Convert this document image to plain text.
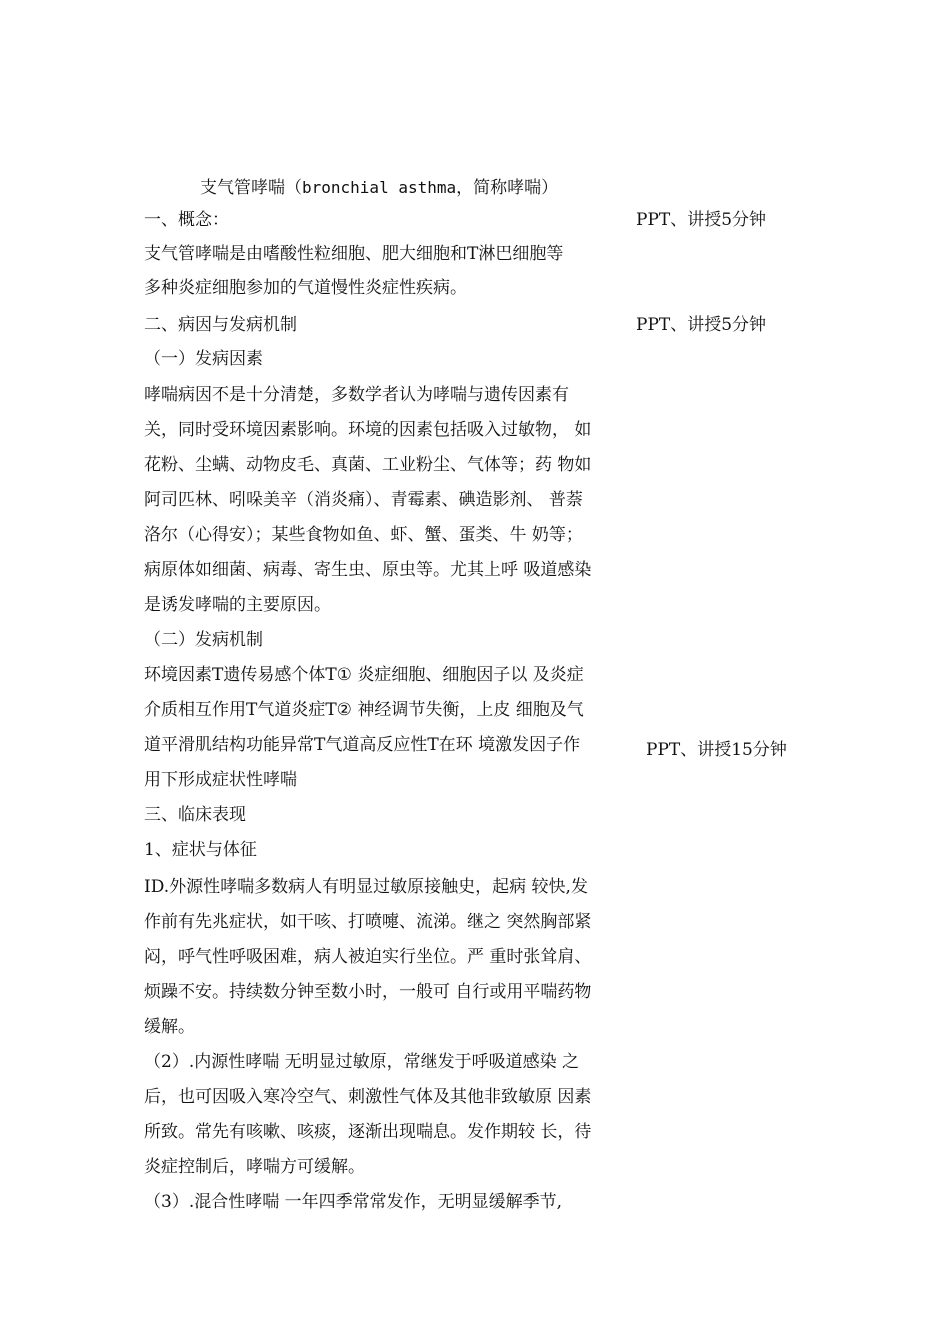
支气管哮喘（bronchial asthma，简称哮喘）
一、概念：
支气管哮喘是由嗜酸性粒细胞、肥大细胞和T淋巴细胞等
多种炎症细胞参加的气道慢性炎症性疾病。
二、病因与发病机制
（一）发病因素
哮喘病因不是十分清楚，多数学者认为哮喘与遗传因素有
关，同时受环境因素影响。环境的因素包括吸入过敏物， 如
花粉、尘螨、动物皮毛、真菌、工业粉尘、气体等；药 物如
阿司匹林、吲哚美辛（消炎痛）、青霉素、碘造影剂、 普萘
洛尔（心得安）；某些食物如鱼、虾、蟹、蛋类、牛 奶等；
病原体如细菌、病毒、寄生虫、原虫等。尤其上呼 吸道感染
是诱发哮喘的主要原因。
（二）发病机制
环境因素T遗传易感个体T① 炎症细胞、细胞因子以 及炎症
介质相互作用T气道炎症T② 神经调节失衡，上皮 细胞及气
道平滑肌结构功能异常T气道高反应性T在环 境激发因子作
用下形成症状性哮喘
三、临床表现
1、症状与体征
ID.外源性哮喘多数病人有明显过敏原接触史，起病 较快,发
作前有先兆症状，如干咳、打喷嚏、流涕。继之 突然胸部紧
闷，呼气性呼吸困难，病人被迫实行坐位。严 重时张耸肩、
烦躁不安。持续数分钟至数小时，一般可 自行或用平喘药物
缓解。
（2）.内源性哮喘 无明显过敏原，常继发于呼吸道感染 之
后，也可因吸入寒冷空气、刺激性气体及其他非致敏原 因素
所致。常先有咳嗽、咳痰，逐渐出现喘息。发作期较 长，待
炎症控制后，哮喘方可缓解。
（3）.混合性哮喘 一年四季常常发作，无明显缓解季节,
PPT、讲授5分钟
PPT、讲授5分钟
PPT、讲授15分钟
